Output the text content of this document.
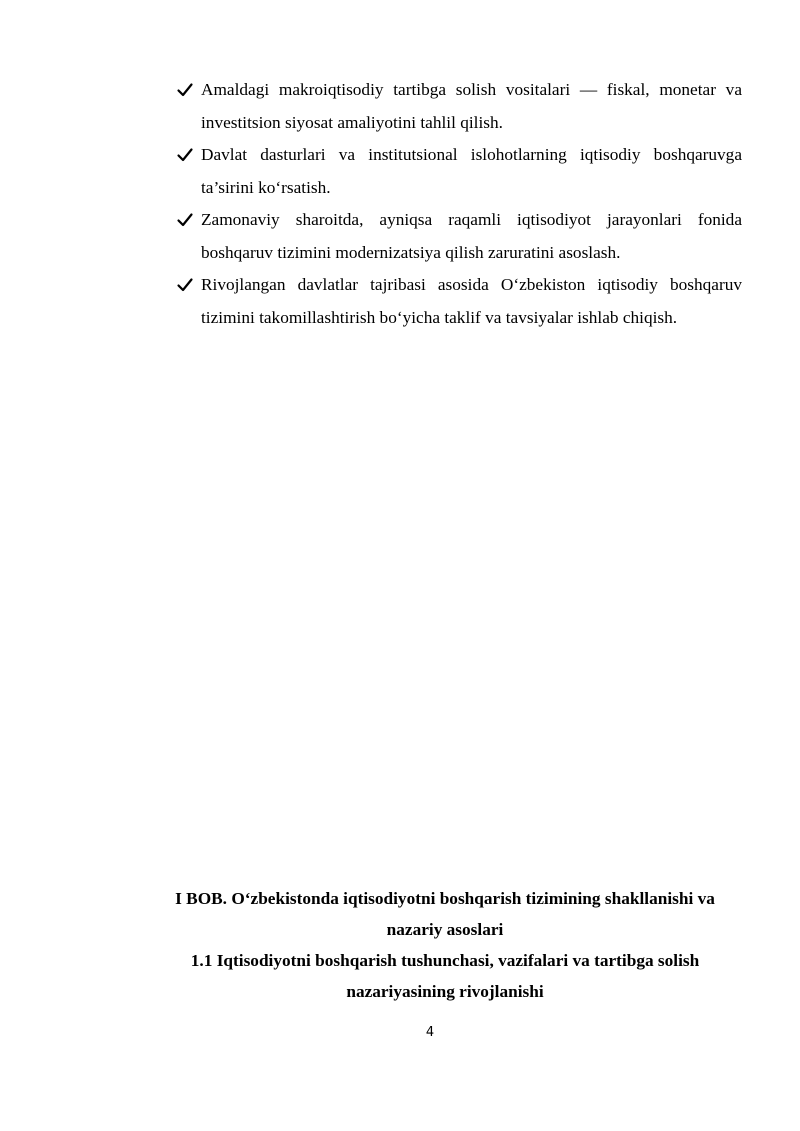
Amaldagi makroiqtisodiy tartibga solish vositalari — fiskal, monetar va investitsion siyosat amaliyotini tahlil qilish.
Davlat dasturlari va institutsional islohotlarning iqtisodiy boshqaruvga ta’sirini ko‘rsatish.
Zamonaviy sharoitda, ayniqsa raqamli iqtisodiyot jarayonlari fonida boshqaruv tizimini modernizatsiya qilish zaruratini asoslash.
Rivojlangan davlatlar tajribasi asosida O‘zbekiston iqtisodiy boshqaruv tizimini takomillashtirish bo‘yicha taklif va tavsiyalar ishlab chiqish.
I BOB. O‘zbekistonda iqtisodiyotni boshqarish tizimining shakllanishi va
nazariy asoslari
1.1 Iqtisodiyotni boshqarish tushunchasi, vazifalari va tartibga solish
nazariyasining rivojlanishi
4
